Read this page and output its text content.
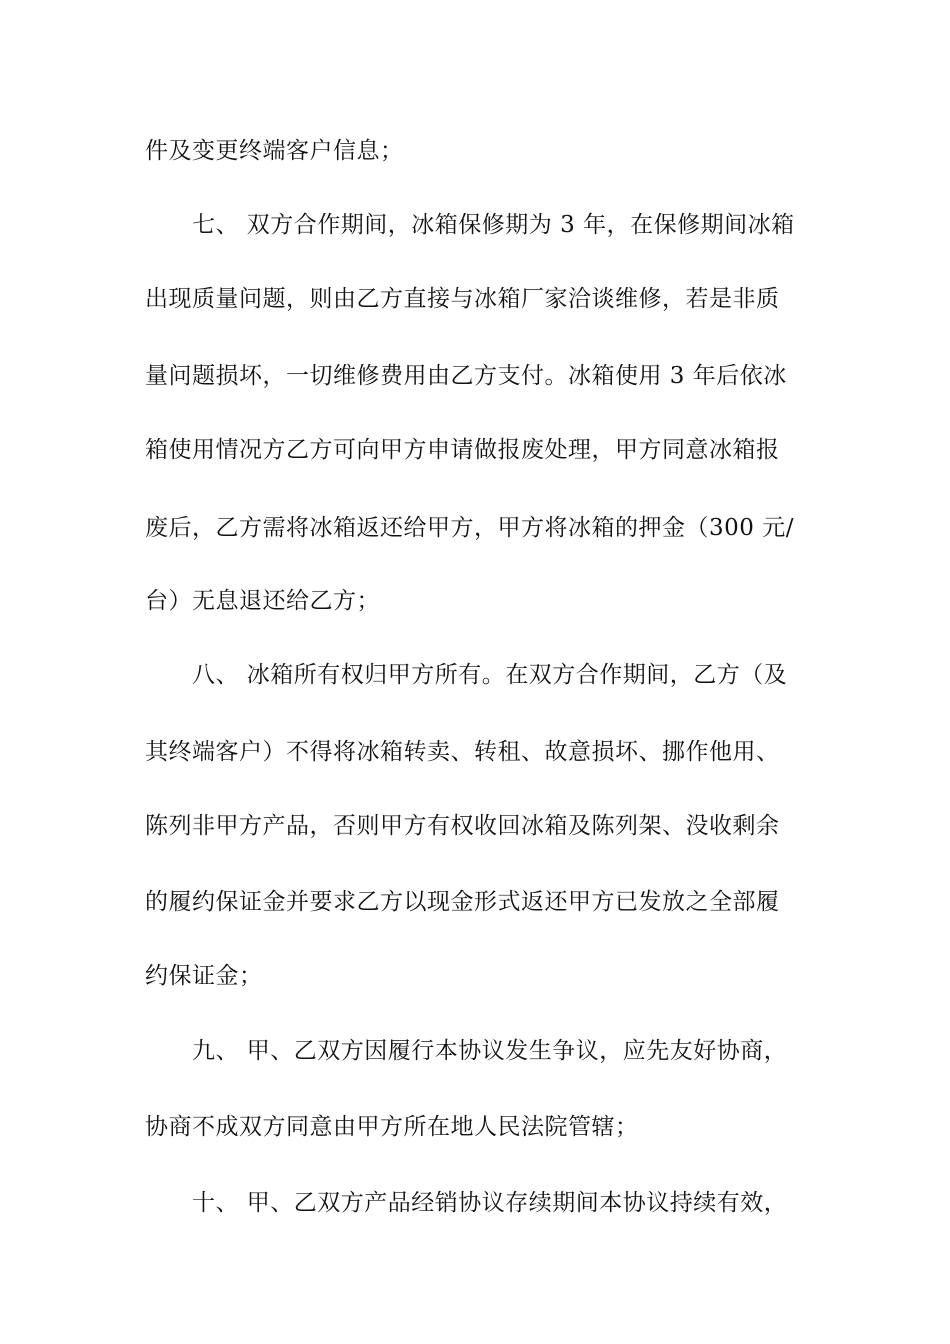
件及变更终端客户信息；
七、 双方合作期间，冰箱保修期为 3 年，在保修期间冰箱
出现质量问题，则由乙方直接与冰箱厂家洽谈维修，若是非质
量问题损坏，一切维修费用由乙方支付。冰箱使用 3 年后依冰
箱使用情况方乙方可向甲方申请做报废处理，甲方同意冰箱报
废后，乙方需将冰箱返还给甲方，甲方将冰箱的押金（300 元/
台）无息退还给乙方；
八、 冰箱所有权归甲方所有。在双方合作期间，乙方（及
其终端客户）不得将冰箱转卖、转租、故意损坏、挪作他用、
陈列非甲方产品，否则甲方有权收回冰箱及陈列架、没收剩余
的履约保证金并要求乙方以现金形式返还甲方已发放之全部履
约保证金；
九、 甲、乙双方因履行本协议发生争议，应先友好协商，
协商不成双方同意由甲方所在地人民法院管辖；
十、 甲、乙双方产品经销协议存续期间本协议持续有效，
